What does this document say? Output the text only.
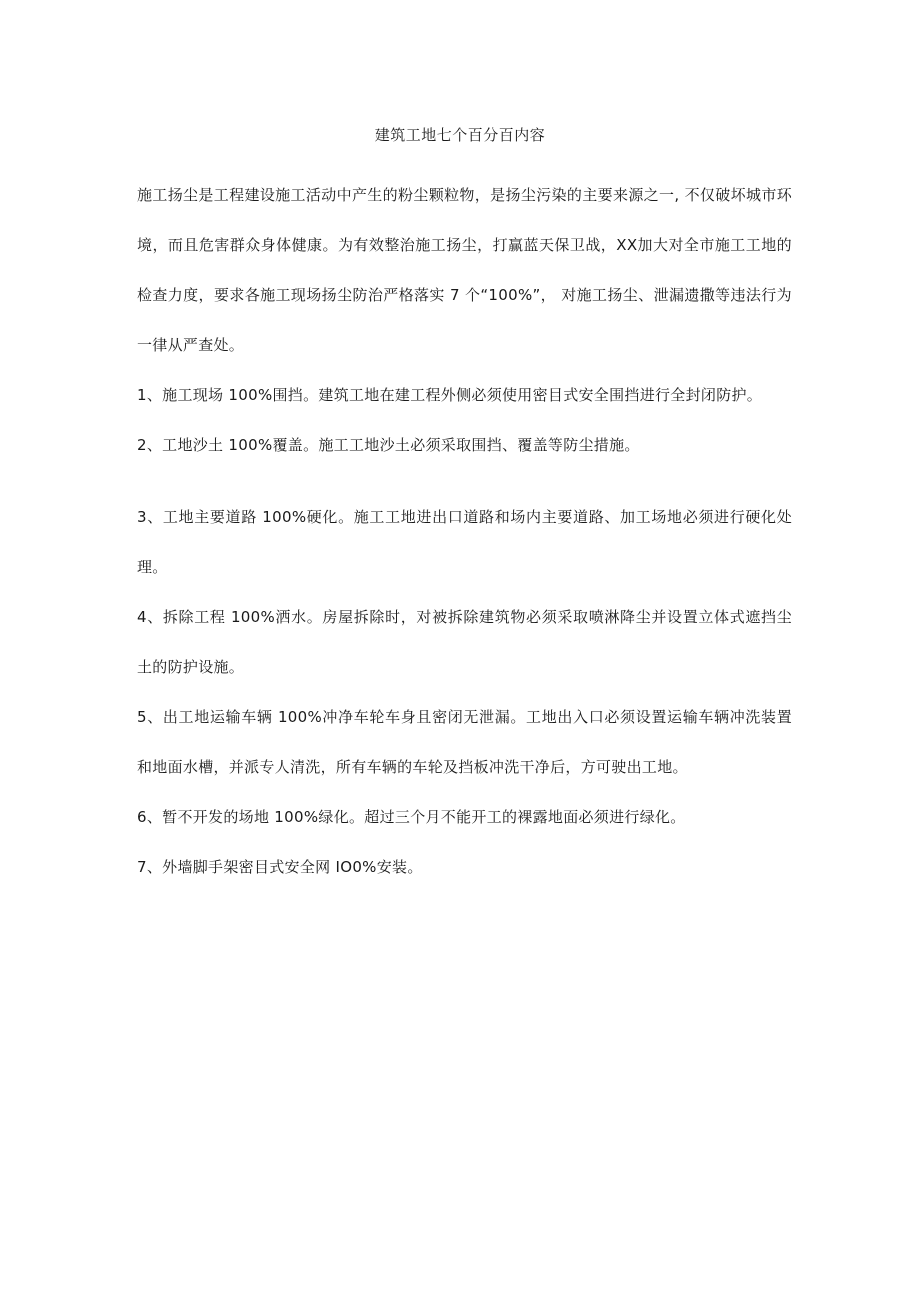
建筑工地七个百分百内容

施工扬尘是工程建设施工活动中产生的粉尘颗粒物，是扬尘污染的主要来源之一, 不仅破坏城市环境，而且危害群众身体健康。为有效整治施工扬尘，打赢蓝天保卫战，XX加大对全市施工工地的检查力度，要求各施工现场扬尘防治严格落实 7 个“100%”， 对施工扬尘、泄漏遗撒等违法行为一律从严查处。

1、施工现场 100%围挡。建筑工地在建工程外侧必须使用密目式安全围挡进行全封闭防护。

2、工地沙土 100%覆盖。施工工地沙土必须采取围挡、覆盖等防尘措施。

3、工地主要道路 100%硬化。施工工地进出口道路和场内主要道路、加工场地必须进行硬化处理。

4、拆除工程 100%洒水。房屋拆除时，对被拆除建筑物必须采取喷淋降尘并设置立体式遮挡尘土的防护设施。

5、出工地运输车辆 100%冲净车轮车身且密闭无泄漏。工地出入口必须设置运输车辆冲洗装置和地面水槽，并派专人清洗，所有车辆的车轮及挡板冲洗干净后，方可驶出工地。

6、暂不开发的场地 100%绿化。超过三个月不能开工的裸露地面必须进行绿化。

7、外墙脚手架密目式安全网 IO0%安装。
